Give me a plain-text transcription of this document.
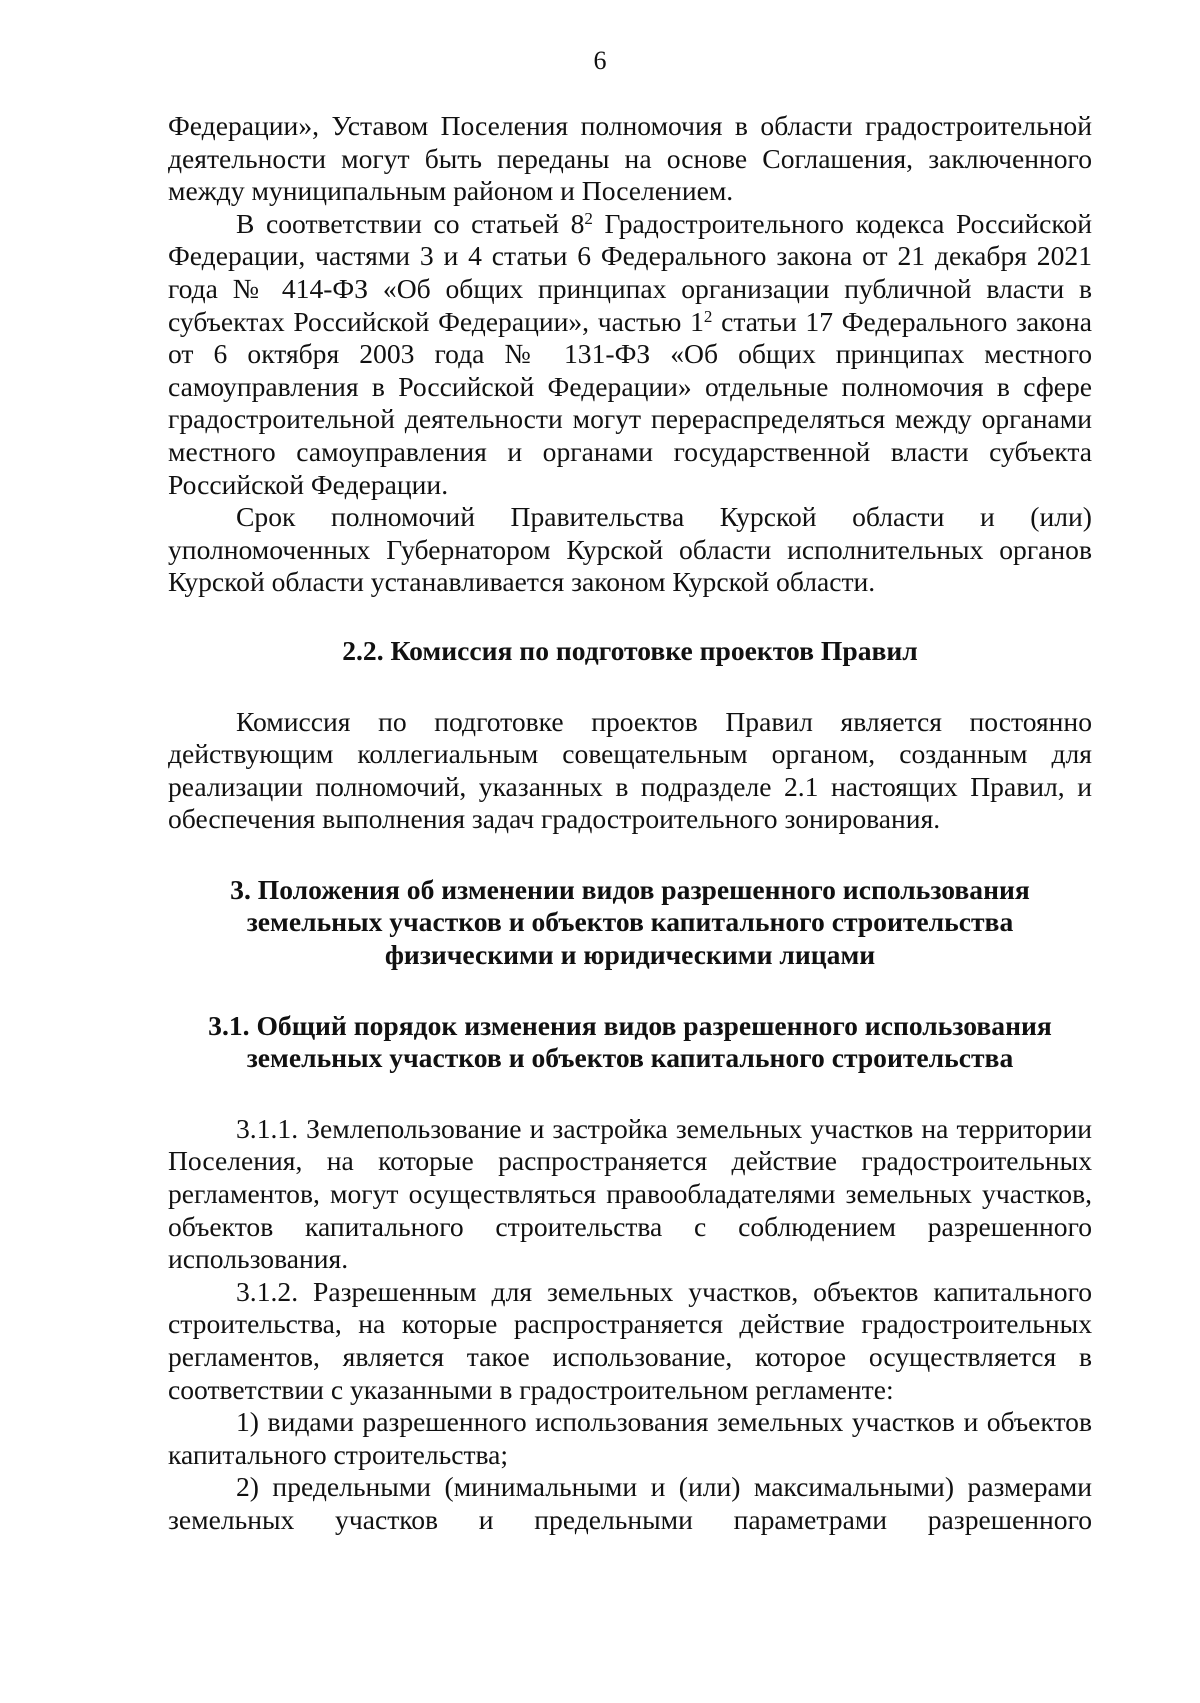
6

Федерации», Уставом Поселения полномочия в области градостроительной деятельности могут быть переданы на основе Соглашения, заключенного между муниципальным районом и Поселением.

В соответствии со статьей $8^2$ Градостроительного кодекса Российской Федерации, частями 3 и 4 статьи 6 Федерального закона от 21 декабря 2021 года № 414-ФЗ «Об общих принципах организации публичной власти в субъектах Российской Федерации», частью $1^2$ статьи 17 Федерального закона от 6 октября 2003 года № 131-ФЗ «Об общих принципах местного самоуправления в Российской Федерации» отдельные полномочия в сфере градостроительной деятельности могут перераспределяться между органами местного самоуправления и органами государственной власти субъекта Российской Федерации.

Срок полномочий Правительства Курской области и (или) уполномоченных Губернатором Курской области исполнительных органов Курской области устанавливается законом Курской области.

2.2. Комиссия по подготовке проектов Правил

Комиссия по подготовке проектов Правил является постоянно действующим коллегиальным совещательным органом, созданным для реализации полномочий, указанных в подразделе 2.1 настоящих Правил, и обеспечения выполнения задач градостроительного зонирования.

3. Положения об изменении видов разрешенного использования
земельных участков и объектов капитального строительства
физическими и юридическими лицами
3.1. Общий порядок изменения видов разрешенного использования
земельных участков и объектов капитального строительства

3.1.1. Землепользование и застройка земельных участков на территории Поселения, на которые распространяется действие градостроительных регламентов, могут осуществляться правообладателями земельных участков, объектов капитального строительства с соблюдением разрешенного использования.

3.1.2. Разрешенным для земельных участков, объектов капитального строительства, на которые распространяется действие градостроительных регламентов, является такое использование, которое осуществляется в соответствии с указанными в градостроительном регламенте:

1) видами разрешенного использования земельных участков и объектов капитального строительства;

2) предельными (минимальными и (или) максимальными) размерами земельных участков и предельными параметрами разрешенного
